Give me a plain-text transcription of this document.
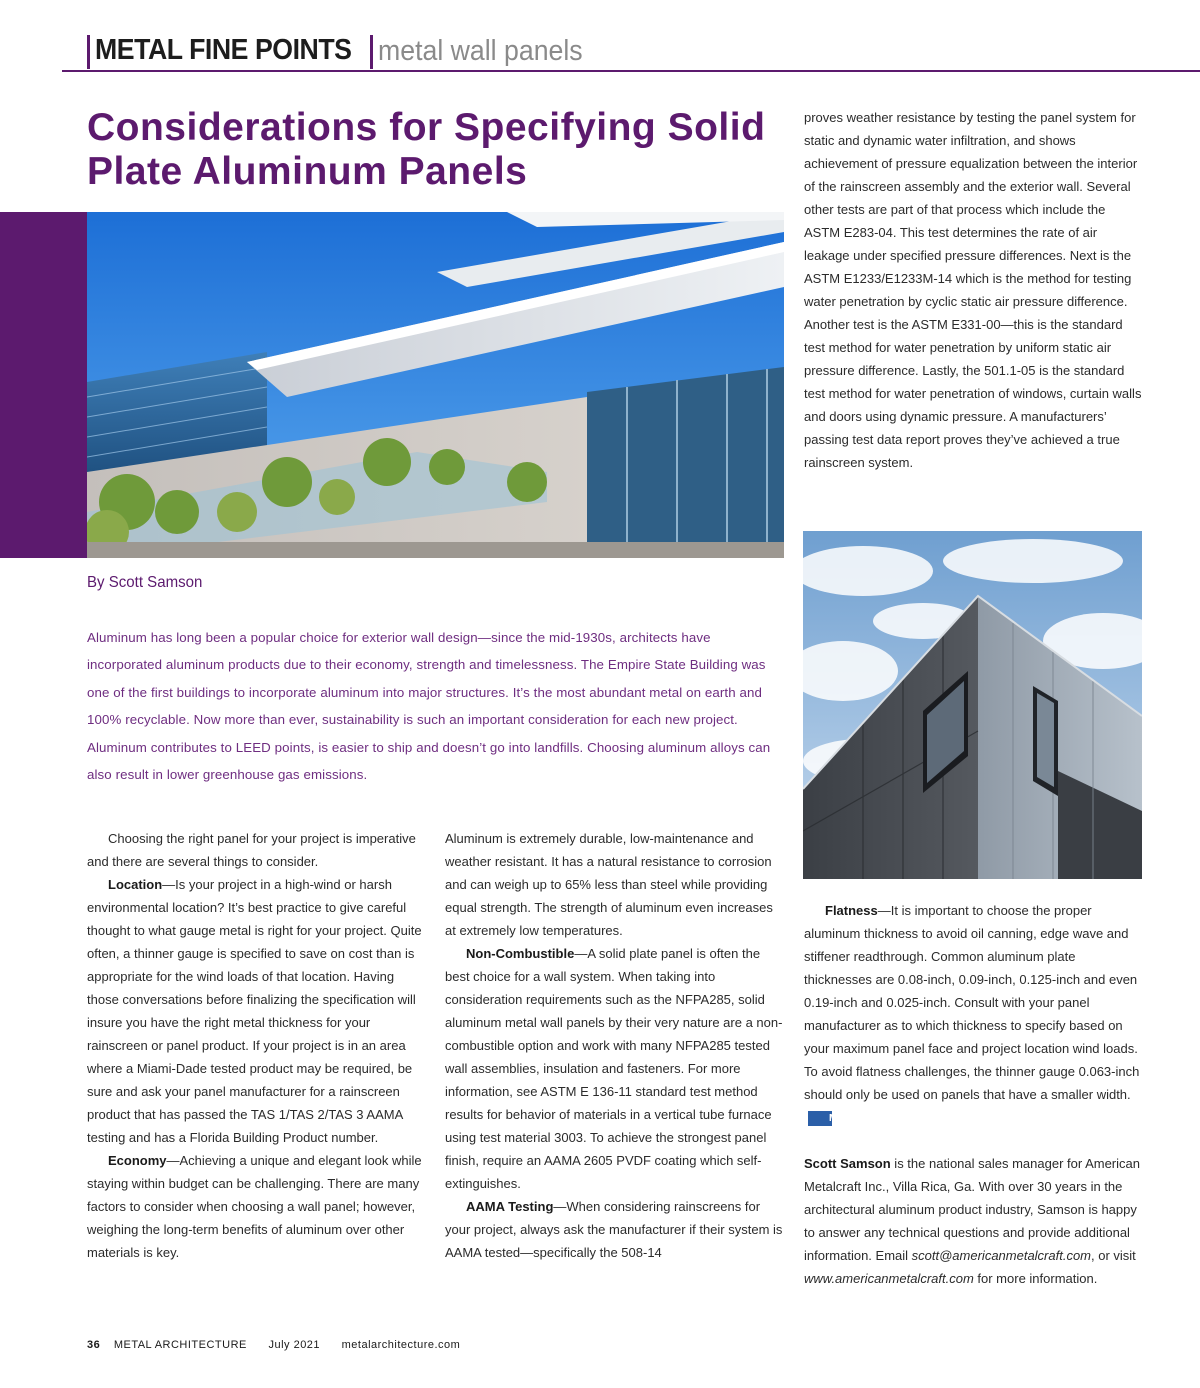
METAL FINE POINTS metal wall panels
Considerations for Specifying Solid Plate Aluminum Panels
By Scott Samson

Aluminum has long been a popular choice for exterior wall design—since the mid-1930s, architects have incorporated aluminum products due to their economy, strength and timelessness. The Empire State Building was one of the first buildings to incorporate aluminum into major structures. It’s the most abundant metal on earth and 100% recyclable. Now more than ever, sustainability is such an important consideration for each new project. Aluminum contributes to LEED points, is easier to ship and doesn’t go into landfills. Choosing aluminum alloys can also result in lower greenhouse gas emissions.

Choosing the right panel for your project is imperative and there are several things to consider.

Location—Is your project in a high-wind or harsh environmental location? It’s best practice to give careful thought to what gauge metal is right for your project. Quite often, a thinner gauge is specified to save on cost than is appropriate for the wind loads of that location. Having those conversations before finalizing the specification will insure you have the right metal thickness for your rainscreen or panel product. If your project is in an area where a Miami-Dade tested product may be required, be sure and ask your panel manufacturer for a rainscreen product that has passed the TAS 1/TAS 2/TAS 3 AAMA testing and has a Florida Building Product number.

Economy—Achieving a unique and elegant look while staying within budget can be challenging. There are many factors to consider when choosing a wall panel; however, weighing the long-term benefits of aluminum over other materials is key.

Aluminum is extremely durable, low-maintenance and weather resistant. It has a natural resistance to corrosion and can weigh up to 65% less than steel while providing equal strength. The strength of aluminum even increases at extremely low temperatures.

Non-Combustible—A solid plate panel is often the best choice for a wall system. When taking into consideration requirements such as the NFPA285, solid aluminum metal wall panels by their very nature are a non-combustible option and work with many NFPA285 tested wall assemblies, insulation and fasteners. For more information, see ASTM E 136-11 standard test method results for behavior of materials in a vertical tube furnace using test material 3003. To achieve the strongest panel finish, require an AAMA 2605 PVDF coating which self-extinguishes.

AAMA Testing—When considering rainscreens for your project, always ask the manufacturer if their system is AAMA tested—specifically the 508-14

proves weather resistance by testing the panel system for static and dynamic water infiltration, and shows achievement of pressure equalization between the interior of the rainscreen assembly and the exterior wall. Several other tests are part of that process which include the ASTM E283-04. This test determines the rate of air leakage under specified pressure differences. Next is the ASTM E1233/E1233M-14 which is the method for testing water penetration by cyclic static air pressure difference. Another test is the ASTM E331-00—this is the standard test method for water penetration by uniform static air pressure difference. Lastly, the 501.1-05 is the standard test method for water penetration of windows, curtain walls and doors using dynamic pressure. A manufacturers’ passing test data report proves they’ve achieved a true rainscreen system.

Flatness—It is important to choose the proper aluminum thickness to avoid oil canning, edge wave and stiffener readthrough. Common aluminum plate thicknesses are 0.08-inch, 0.09-inch, 0.125-inch and even 0.19-inch and 0.025-inch. Consult with your panel manufacturer as to which thickness to specify based on your maximum panel face and project location wind loads. To avoid flatness challenges, the thinner gauge 0.063-inch should only be used on panels that have a smaller width.MA

Scott Samson is the national sales manager for American Metalcraft Inc., Villa Rica, Ga. With over 30 years in the architectural aluminum product industry, Samson is happy to answer any technical questions and provide additional information. Email scott@americanmetalcraft.com, or visit www.americanmetalcraft.com for more information.

36 METAL ARCHITECTURE July 2021 metalarchitecture.com
